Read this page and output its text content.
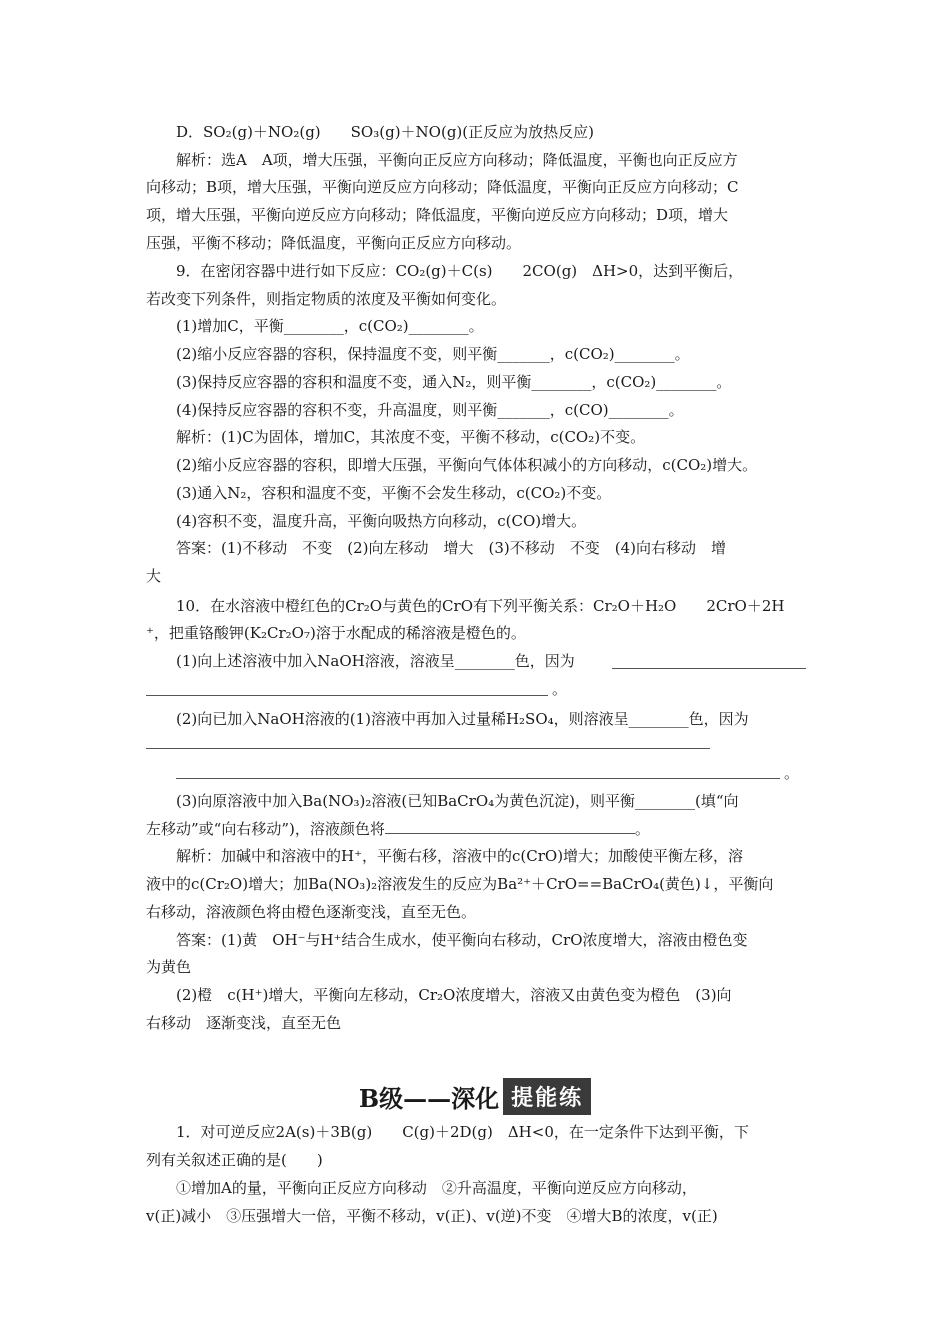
D．SO₂(g)＋NO₂(g)　　SO₃(g)＋NO(g)(正反应为放热反应)
解析：选A　A项，增大压强，平衡向正反应方向移动；降低温度，平衡也向正反应方
向移动；B项，增大压强，平衡向逆反应方向移动；降低温度，平衡向正反应方向移动；C
项，增大压强，平衡向逆反应方向移动；降低温度，平衡向逆反应方向移动；D项，增大
压强，平衡不移动；降低温度，平衡向正反应方向移动。
9．在密闭容器中进行如下反应：CO₂(g)＋C(s)　　2CO(g)　ΔH>0，达到平衡后，
若改变下列条件，则指定物质的浓度及平衡如何变化。
(1)增加C，平衡________，c(CO₂)________。
(2)缩小反应容器的容积，保持温度不变，则平衡_______，c(CO₂)________。
(3)保持反应容器的容积和温度不变，通入N₂，则平衡________，c(CO₂)________。
(4)保持反应容器的容积不变，升高温度，则平衡_______，c(CO)________。
解析：(1)C为固体，增加C，其浓度不变，平衡不移动，c(CO₂)不变。
(2)缩小反应容器的容积，即增大压强，平衡向气体体积减小的方向移动，c(CO₂)增大。
(3)通入N₂，容积和温度不变，平衡不会发生移动，c(CO₂)不变。
(4)容积不变，温度升高，平衡向吸热方向移动，c(CO)增大。
答案：(1)不移动　不变　(2)向左移动　增大　(3)不移动　不变　(4)向右移动　增
大
10．在水溶液中橙红色的Cr₂O与黄色的CrO有下列平衡关系：Cr₂O＋H₂O　　2CrO＋2H
⁺，把重铬酸钾(K₂Cr₂O₇)溶于水配成的稀溶液是橙色的。
(1)向上述溶液中加入NaOH溶液，溶液呈________色，因为
。
(2)向已加入NaOH溶液的(1)溶液中再加入过量稀H₂SO₄，则溶液呈________色，因为
。
(3)向原溶液中加入Ba(NO₃)₂溶液(已知BaCrO₄为黄色沉淀)，则平衡________(填“向
左移动”或“向右移动”)，溶液颜色将	。
解析：加碱中和溶液中的H⁺，平衡右移，溶液中的c(CrO)增大；加酸使平衡左移，溶
液中的c(Cr₂O)增大；加Ba(NO₃)₂溶液发生的反应为Ba²⁺＋CrO==BaCrO₄(黄色)↓，平衡向
右移动，溶液颜色将由橙色逐渐变浅，直至无色。
答案：(1)黄　OH⁻与H⁺结合生成水，使平衡向右移动，CrO浓度增大，溶液由橙色变
为黄色
(2)橙　c(H⁺)增大，平衡向左移动，Cr₂O浓度增大，溶液又由黄色变为橙色　(3)向
右移动　逐渐变浅，直至无色
B级——深化 提能练
1．对可逆反应2A(s)＋3B(g)　　C(g)＋2D(g)　ΔH<0，在一定条件下达到平衡，下
列有关叙述正确的是(　　)
①增加A的量，平衡向正反应方向移动　②升高温度，平衡向逆反应方向移动，
v(正)减小　③压强增大一倍，平衡不移动，v(正)、v(逆)不变　④增大B的浓度，v(正)
